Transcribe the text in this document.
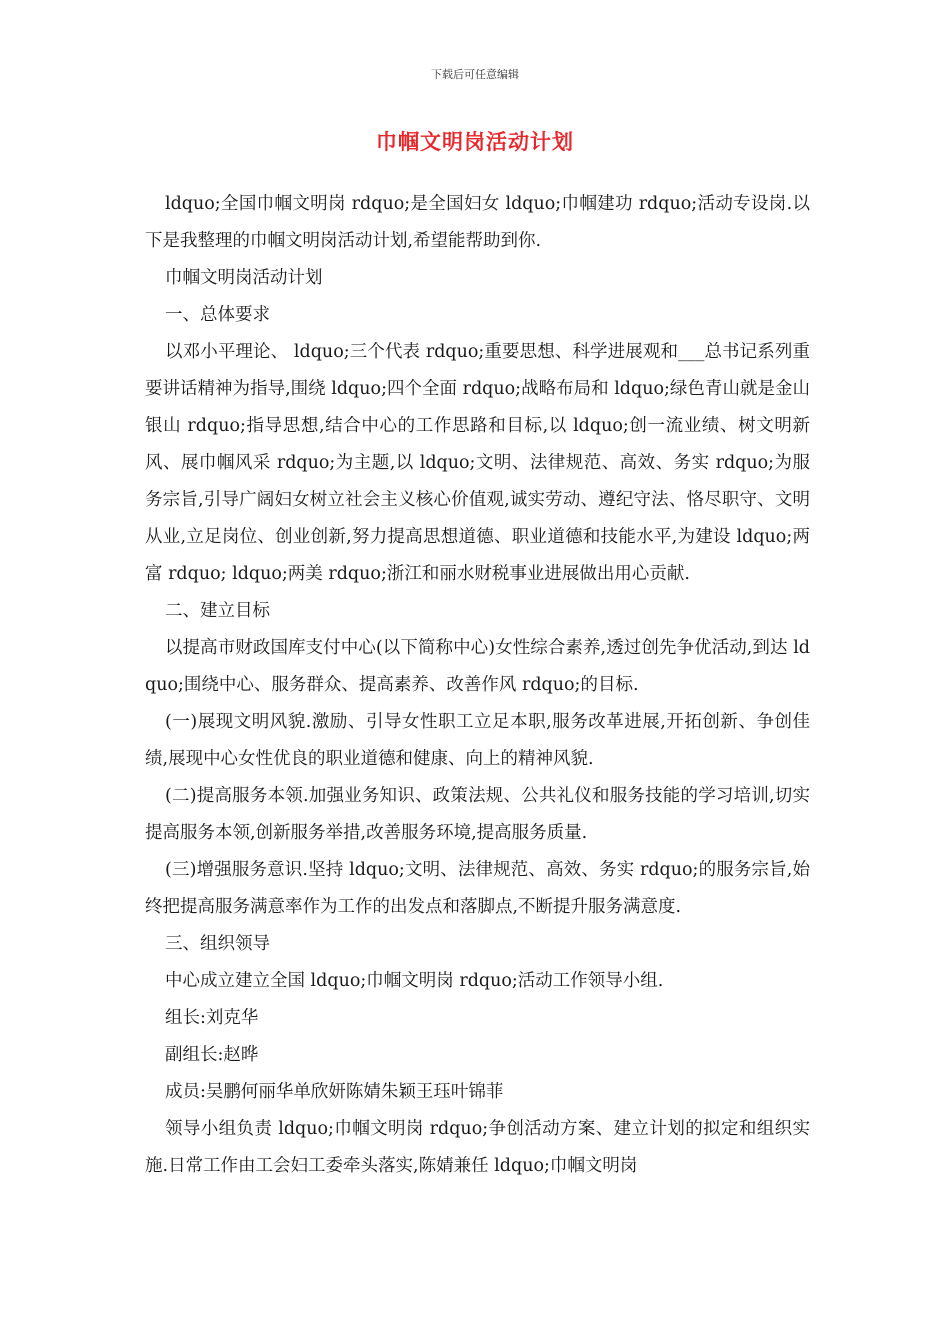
下载后可任意编辑
巾帼文明岗活动计划

ldquo;全国巾帼文明岗 rdquo;是全国妇女 ldquo;巾帼建功 rdquo;活动专设岗.以下是我整理的巾帼文明岗活动计划,希望能帮助到你.

巾帼文明岗活动计划

一、总体要求

以邓小平理论、 ldquo;三个代表 rdquo;重要思想、科学进展观和___总书记系列重要讲话精神为指导,围绕 ldquo;四个全面 rdquo;战略布局和 ldquo;绿色青山就是金山银山 rdquo;指导思想,结合中心的工作思路和目标,以 ldquo;创一流业绩、树文明新风、展巾帼风采 rdquo;为主题,以 ldquo;文明、法律规范、高效、务实 rdquo;为服务宗旨,引导广阔妇女树立社会主义核心价值观,诚实劳动、遵纪守法、恪尽职守、文明从业,立足岗位、创业创新,努力提高思想道德、职业道德和技能水平,为建设 ldquo;两富 rdquo; ldquo;两美 rdquo;浙江和丽水财税事业进展做出用心贡献.

二、建立目标

以提高市财政国库支付中心(以下简称中心)女性综合素养,透过创先争优活动,到达 ldquo;围绕中心、服务群众、提高素养、改善作风 rdquo;的目标.

(一)展现文明风貌.激励、引导女性职工立足本职,服务改革进展,开拓创新、争创佳绩,展现中心女性优良的职业道德和健康、向上的精神风貌.

(二)提高服务本领.加强业务知识、政策法规、公共礼仪和服务技能的学习培训,切实提高服务本领,创新服务举措,改善服务环境,提高服务质量.

(三)增强服务意识.坚持 ldquo;文明、法律规范、高效、务实 rdquo;的服务宗旨,始终把提高服务满意率作为工作的出发点和落脚点,不断提升服务满意度.

三、组织领导

中心成立建立全国 ldquo;巾帼文明岗 rdquo;活动工作领导小组.

组长:刘克华

副组长:赵晔

成员:吴鹏何丽华单欣妍陈婧朱颖王珏叶锦菲

领导小组负责 ldquo;巾帼文明岗 rdquo;争创活动方案、建立计划的拟定和组织实施.日常工作由工会妇工委牵头落实,陈婧兼任 ldquo;巾帼文明岗
